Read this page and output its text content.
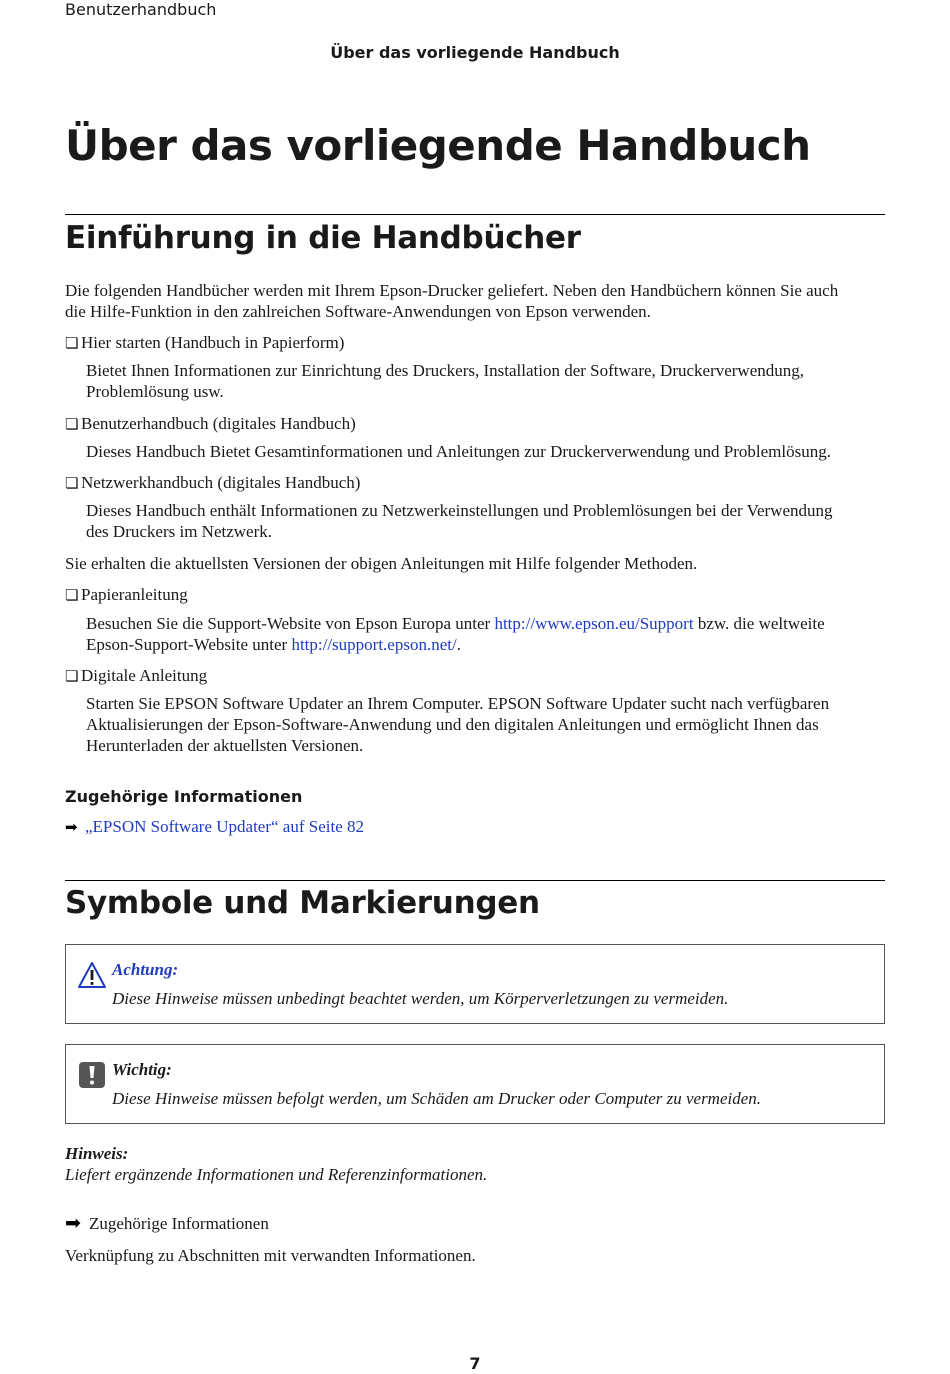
Benutzerhandbuch
Über das vorliegende Handbuch
Über das vorliegende Handbuch
Einführung in die Handbücher
Die folgenden Handbücher werden mit Ihrem Epson-Drucker geliefert. Neben den Handbüchern können Sie auch
die Hilfe-Funktion in den zahlreichen Software-Anwendungen von Epson verwenden.
❏ Hier starten (Handbuch in Papierform)
Bietet Ihnen Informationen zur Einrichtung des Druckers, Installation der Software, Druckerverwendung,
Problemlösung usw.
❏ Benutzerhandbuch (digitales Handbuch)
Dieses Handbuch Bietet Gesamtinformationen und Anleitungen zur Druckerverwendung und Problemlösung.
❏ Netzwerkhandbuch (digitales Handbuch)
Dieses Handbuch enthält Informationen zu Netzwerkeinstellungen und Problemlösungen bei der Verwendung
des Druckers im Netzwerk.
Sie erhalten die aktuellsten Versionen der obigen Anleitungen mit Hilfe folgender Methoden.
❏ Papieranleitung
Besuchen Sie die Support-Website von Epson Europa unter http://www.epson.eu/Support bzw. die weltweite
Epson-Support-Website unter http://support.epson.net/.
❏ Digitale Anleitung
Starten Sie EPSON Software Updater an Ihrem Computer. EPSON Software Updater sucht nach verfügbaren
Aktualisierungen der Epson-Software-Anwendung und den digitalen Anleitungen und ermöglicht Ihnen das
Herunterladen der aktuellsten Versionen.
Zugehörige Informationen
➡ „EPSON Software Updater“ auf Seite 82
Symbole und Markierungen
Achtung:
Diese Hinweise müssen unbedingt beachtet werden, um Körperverletzungen zu vermeiden.
Wichtig:
Diese Hinweise müssen befolgt werden, um Schäden am Drucker oder Computer zu vermeiden.
Hinweis:
Liefert ergänzende Informationen und Referenzinformationen.
➡ Zugehörige Informationen
Verknüpfung zu Abschnitten mit verwandten Informationen.
7
